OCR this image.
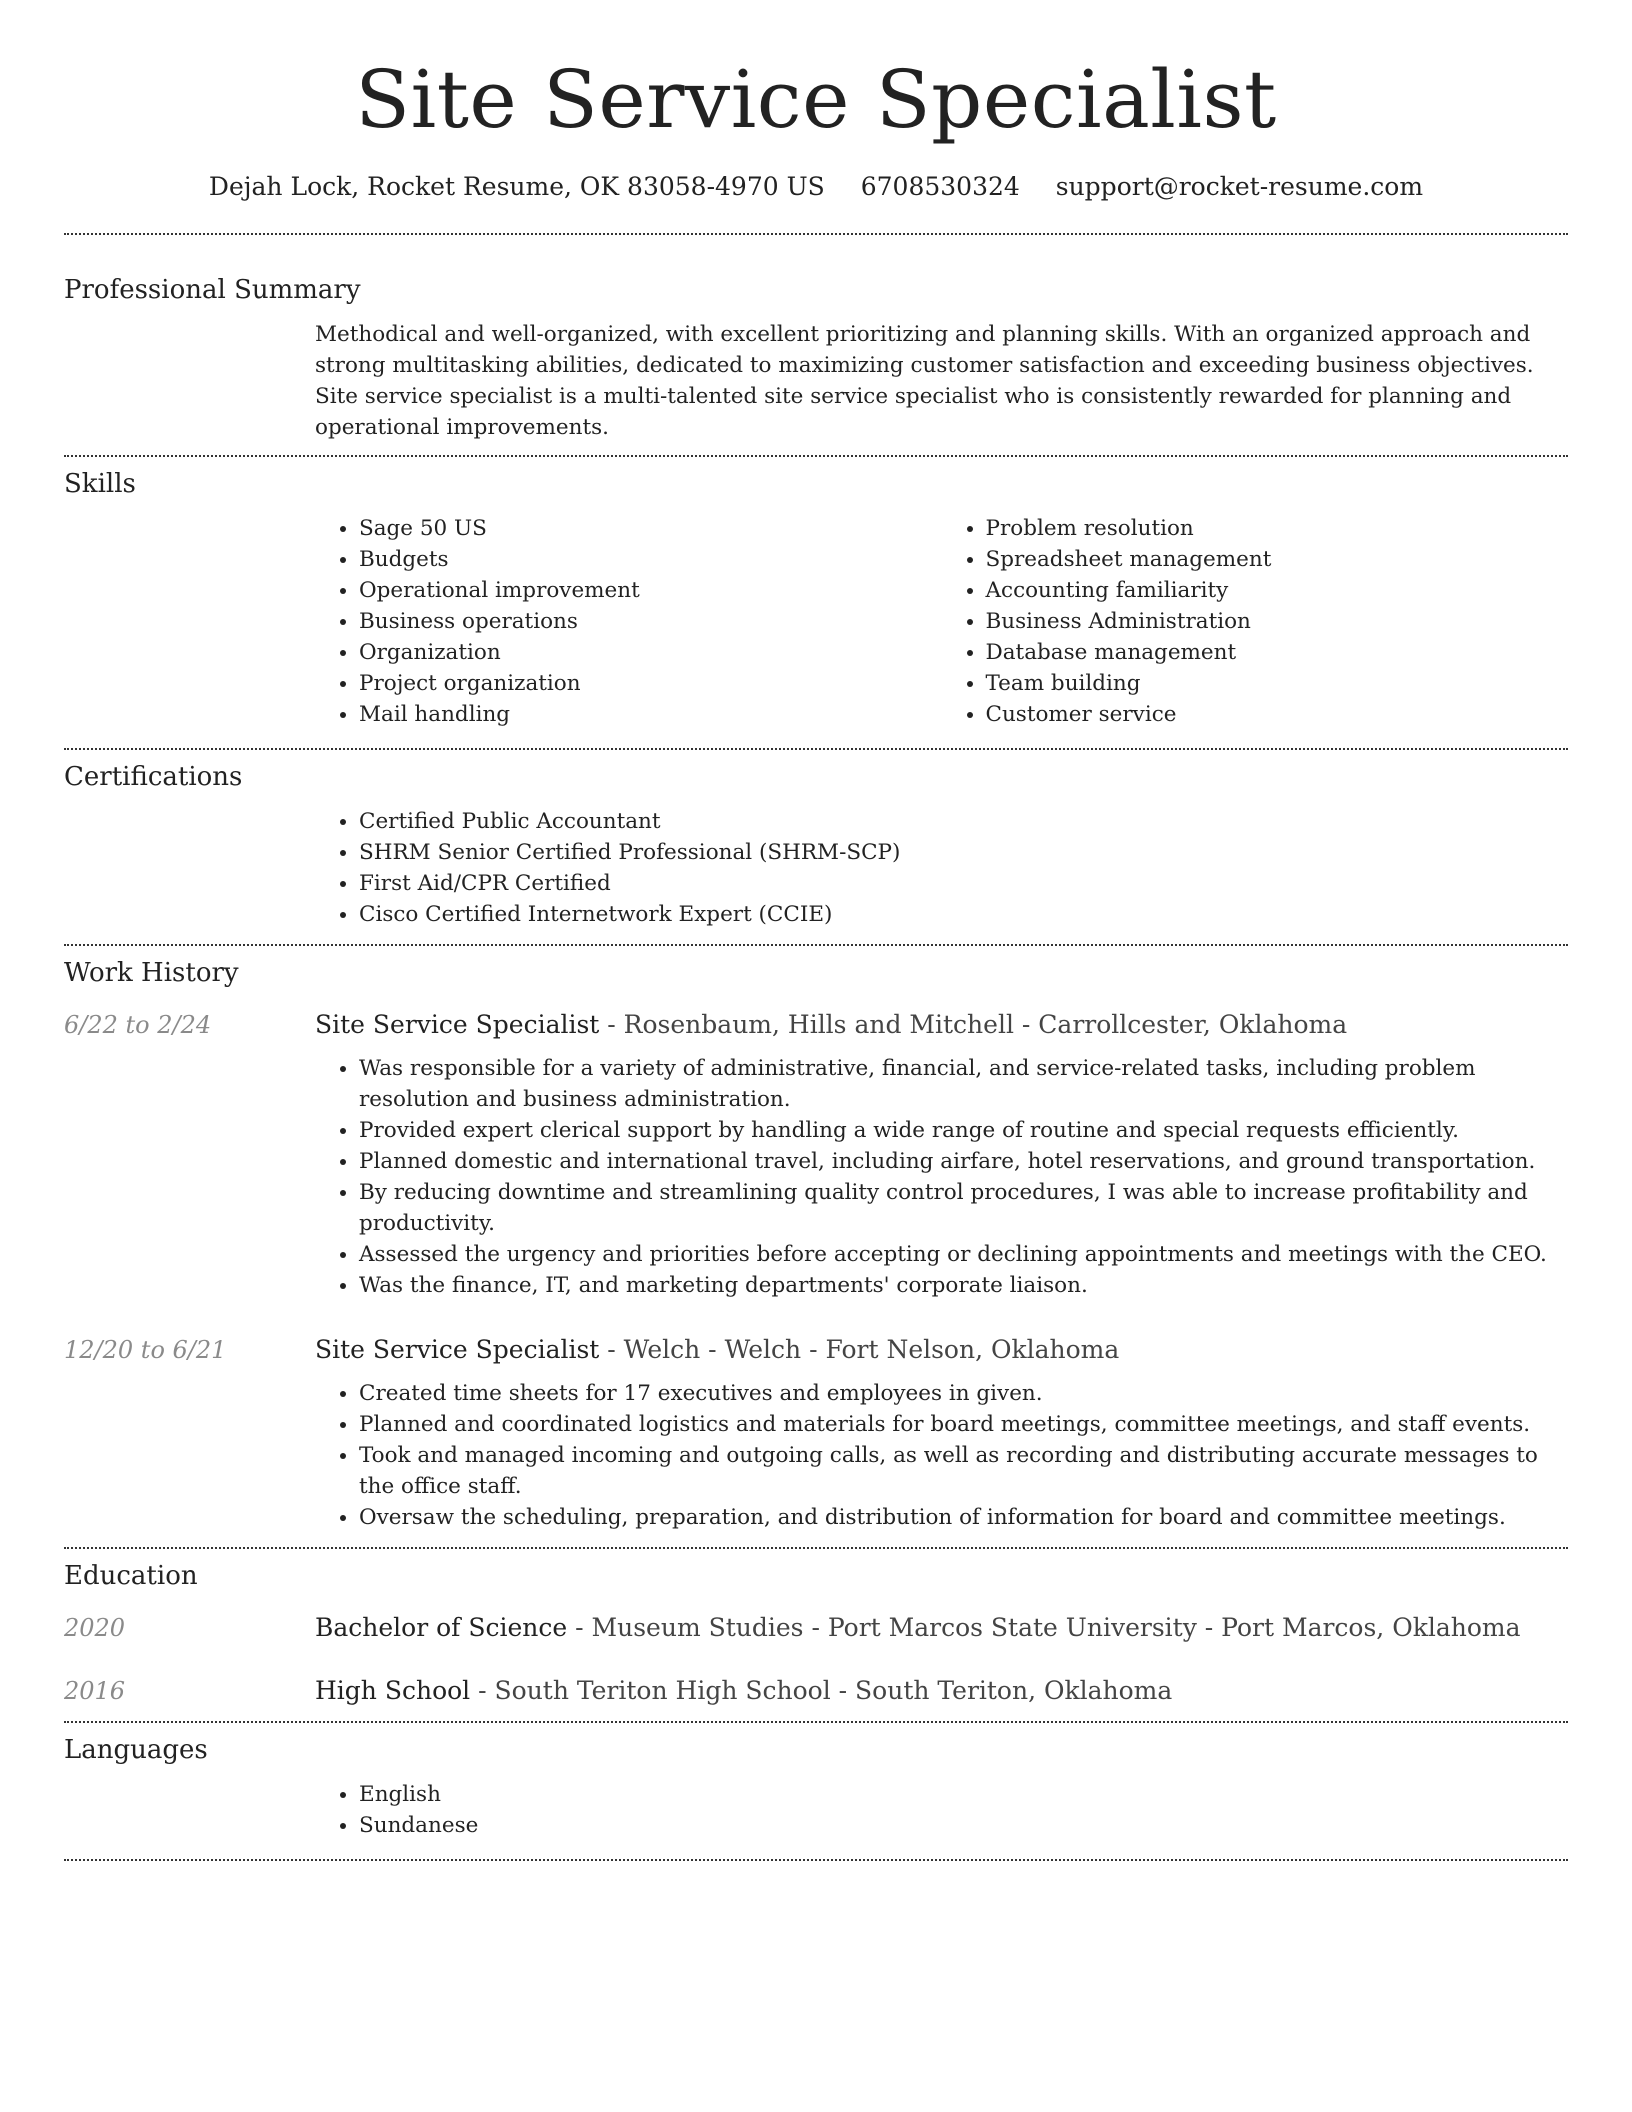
Site Service Specialist
Dejah Lock, Rocket Resume, OK 83058-4970 US 6708530324 support@rocket-resume.com
Professional Summary
Methodical and well-organized, with excellent prioritizing and planning skills. With an organized approach and strong multitasking abilities, dedicated to maximizing customer satisfaction and exceeding business objectives. Site service specialist is a multi-talented site service specialist who is consistently rewarded for planning and operational improvements.
Skills
• Sage 50 US
• Budgets
• Operational improvement
• Business operations
• Organization
• Project organization
• Mail handling
• Problem resolution
• Spreadsheet management
• Accounting familiarity
• Business Administration
• Database management
• Team building
• Customer service
Certifications
• Certified Public Accountant
• SHRM Senior Certified Professional (SHRM-SCP)
• First Aid/CPR Certified
• Cisco Certified Internetwork Expert (CCIE)
Work History
6/22 to 2/24	Site Service Specialist - Rosenbaum, Hills and Mitchell - Carrollcester, Oklahoma
• Was responsible for a variety of administrative, financial, and service-related tasks, including problem resolution and business administration.
• Provided expert clerical support by handling a wide range of routine and special requests efficiently.
• Planned domestic and international travel, including airfare, hotel reservations, and ground transportation.
• By reducing downtime and streamlining quality control procedures, I was able to increase profitability and productivity.
• Assessed the urgency and priorities before accepting or declining appointments and meetings with the CEO.
• Was the finance, IT, and marketing departments' corporate liaison.
12/20 to 6/21	Site Service Specialist - Welch - Welch - Fort Nelson, Oklahoma
• Created time sheets for 17 executives and employees in given.
• Planned and coordinated logistics and materials for board meetings, committee meetings, and staff events.
• Took and managed incoming and outgoing calls, as well as recording and distributing accurate messages to the office staff.
• Oversaw the scheduling, preparation, and distribution of information for board and committee meetings.
Education
2020	Bachelor of Science - Museum Studies - Port Marcos State University - Port Marcos, Oklahoma
2016	High School - South Teriton High School - South Teriton, Oklahoma
Languages
• English
• Sundanese
